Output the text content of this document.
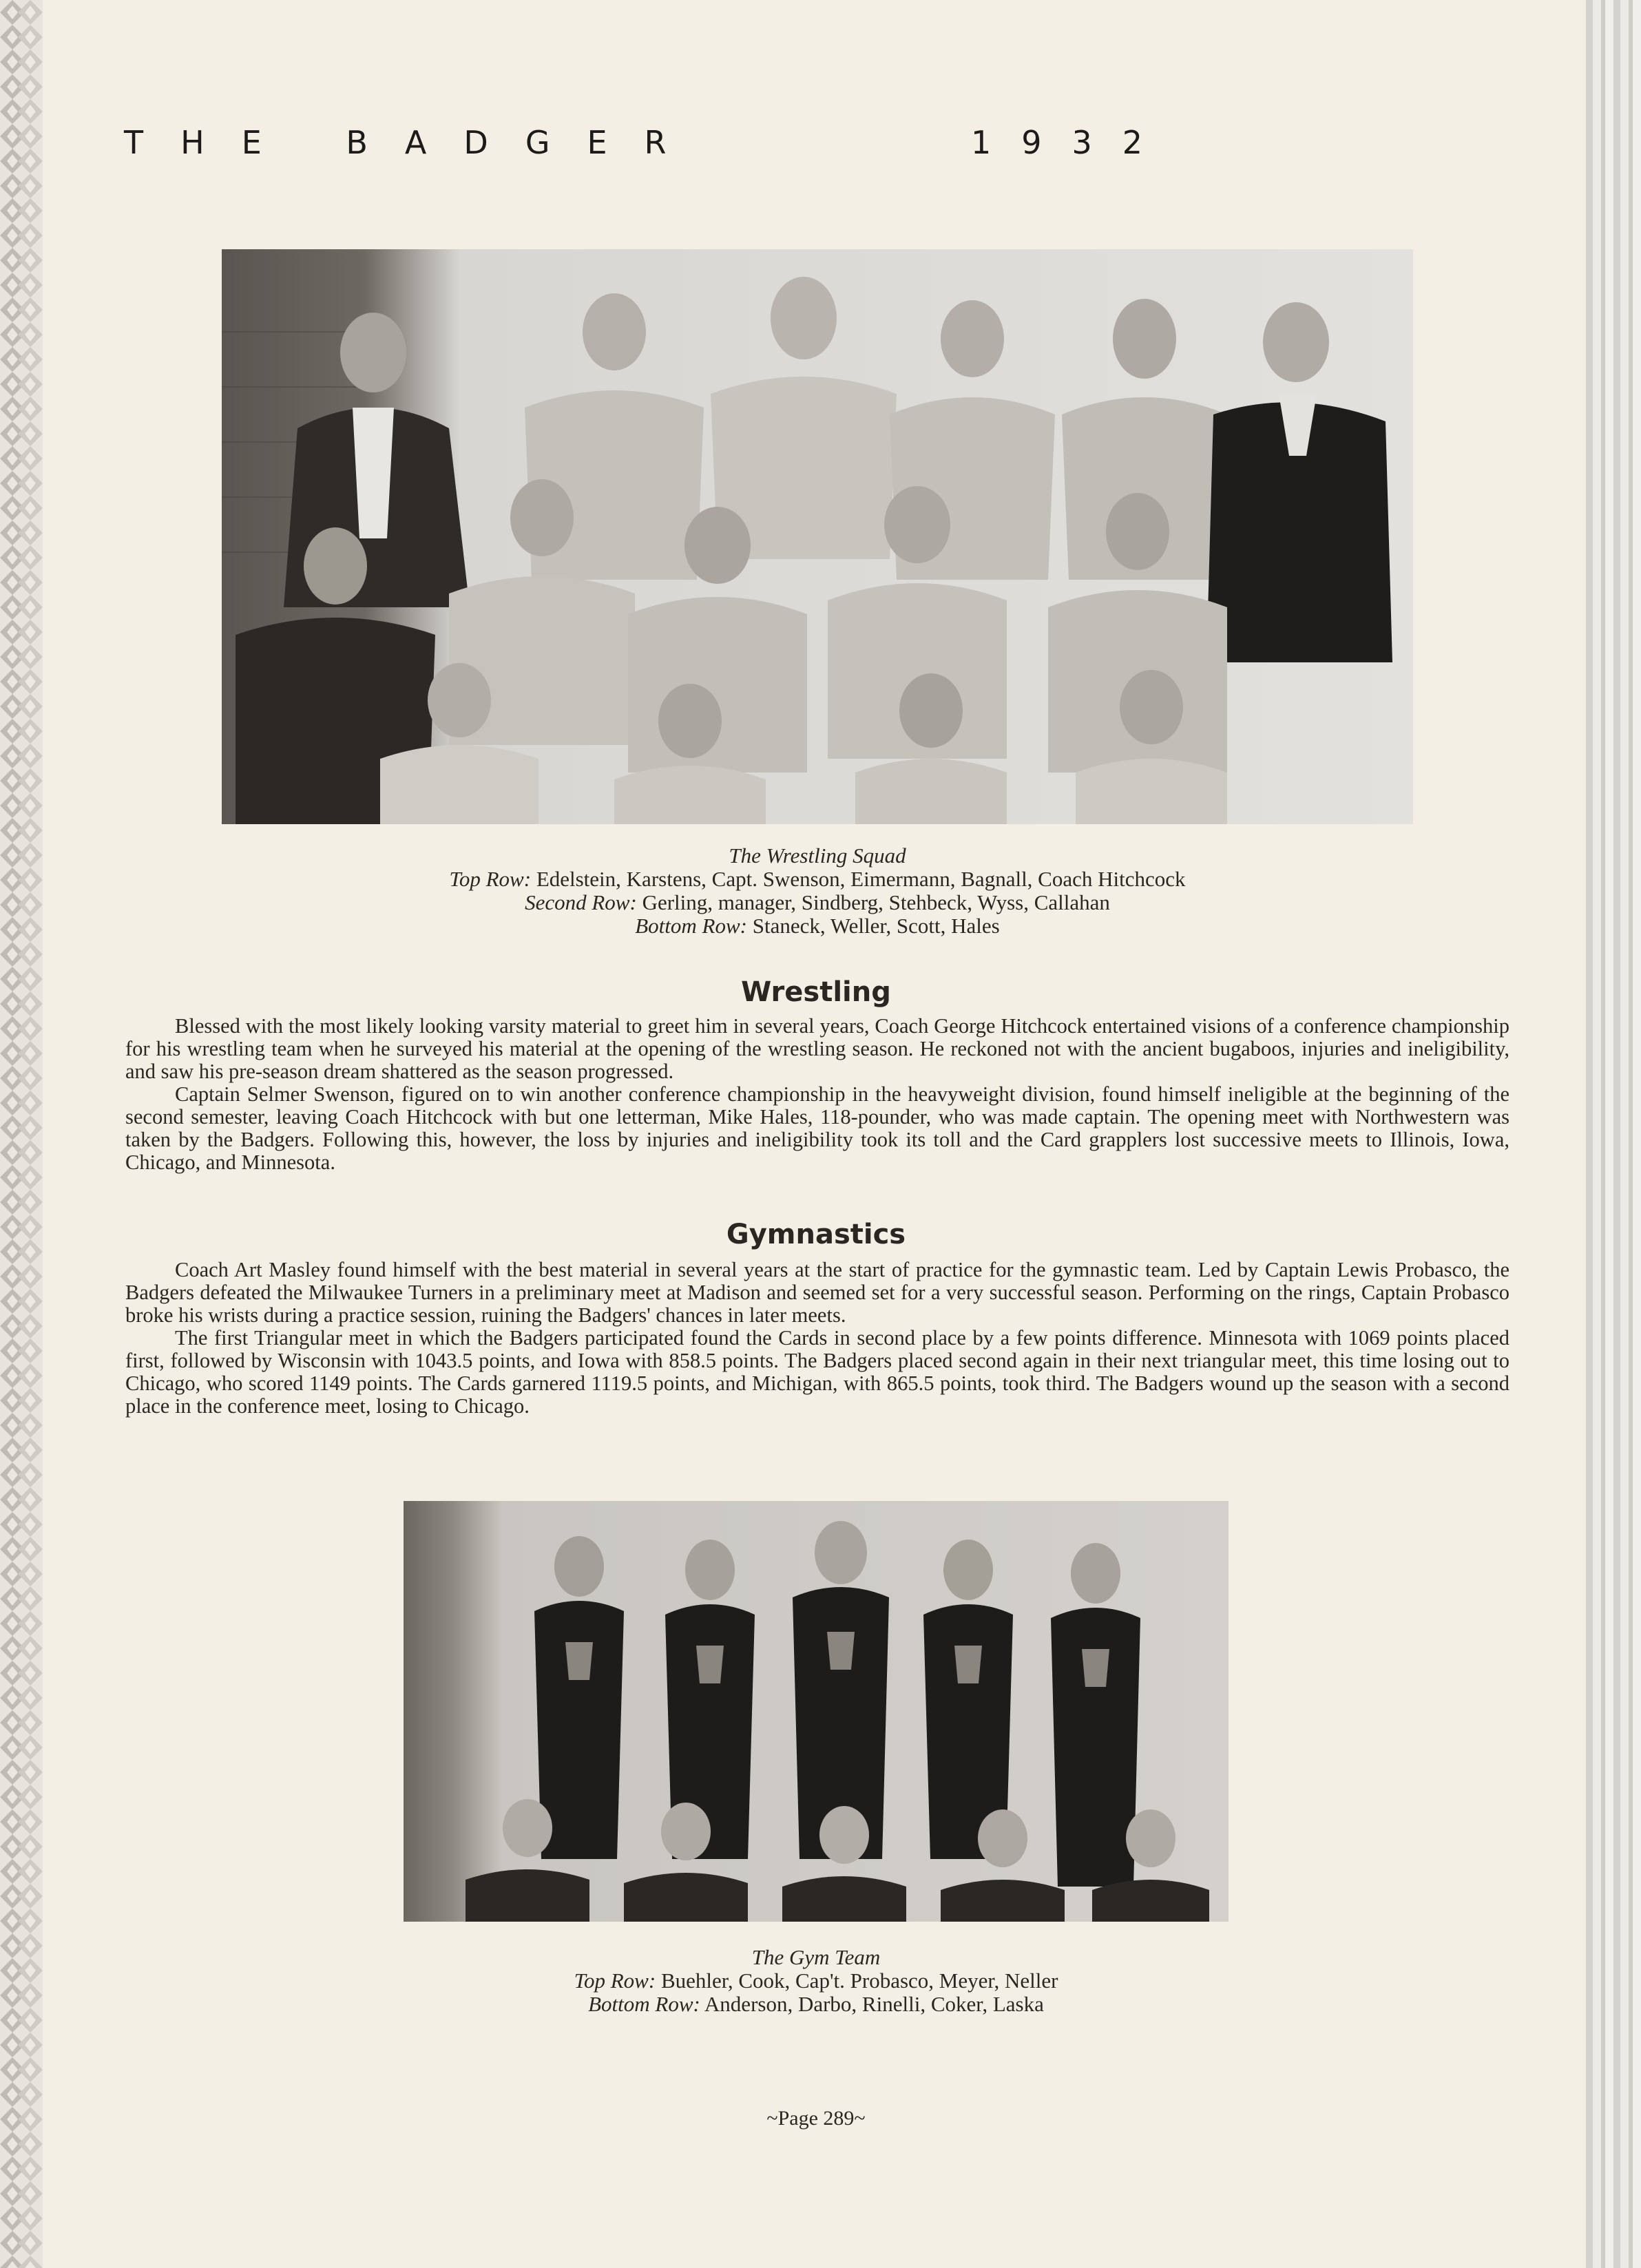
THE BADGER	1932
The Wrestling Squad
Top Row: Edelstein, Karstens, Capt. Swenson, Eimermann, Bagnall, Coach Hitchcock
Second Row: Gerling, manager, Sindberg, Stehbeck, Wyss, Callahan
Bottom Row: Staneck, Weller, Scott, Hales
Wrestling

Blessed with the most likely looking varsity material to greet him in several years, Coach George Hitchcock entertained visions of a conference championship for his wrestling team when he surveyed his material at the opening of the wrestling season. He reckoned not with the ancient bugaboos, injuries and ineligibility, and saw his pre-season dream shattered as the season progressed.

Captain Selmer Swenson, figured on to win another conference championship in the heavyweight division, found himself ineligible at the beginning of the second semester, leaving Coach Hitchcock with but one letterman, Mike Hales, 118-pounder, who was made captain. The opening meet with Northwestern was taken by the Badgers. Following this, however, the loss by injuries and ineligibility took its toll and the Card grapplers lost successive meets to Illinois, Iowa, Chicago, and Minnesota.

Gymnastics

Coach Art Masley found himself with the best material in several years at the start of practice for the gymnastic team. Led by Captain Lewis Probasco, the Badgers defeated the Milwaukee Turners in a preliminary meet at Madison and seemed set for a very successful season. Performing on the rings, Captain Probasco broke his wrists during a practice session, ruining the Badgers' chances in later meets.

The first Triangular meet in which the Badgers participated found the Cards in second place by a few points difference. Minnesota with 1069 points placed first, followed by Wisconsin with 1043.5 points, and Iowa with 858.5 points. The Badgers placed second again in their next triangular meet, this time losing out to Chicago, who scored 1149 points. The Cards garnered 1119.5 points, and Michigan, with 865.5 points, took third. The Badgers wound up the season with a second place in the conference meet, losing to Chicago.

The Gym Team
Top Row: Buehler, Cook, Cap't. Probasco, Meyer, Neller
Bottom Row: Anderson, Darbo, Rinelli, Coker, Laska
~Page 289~
